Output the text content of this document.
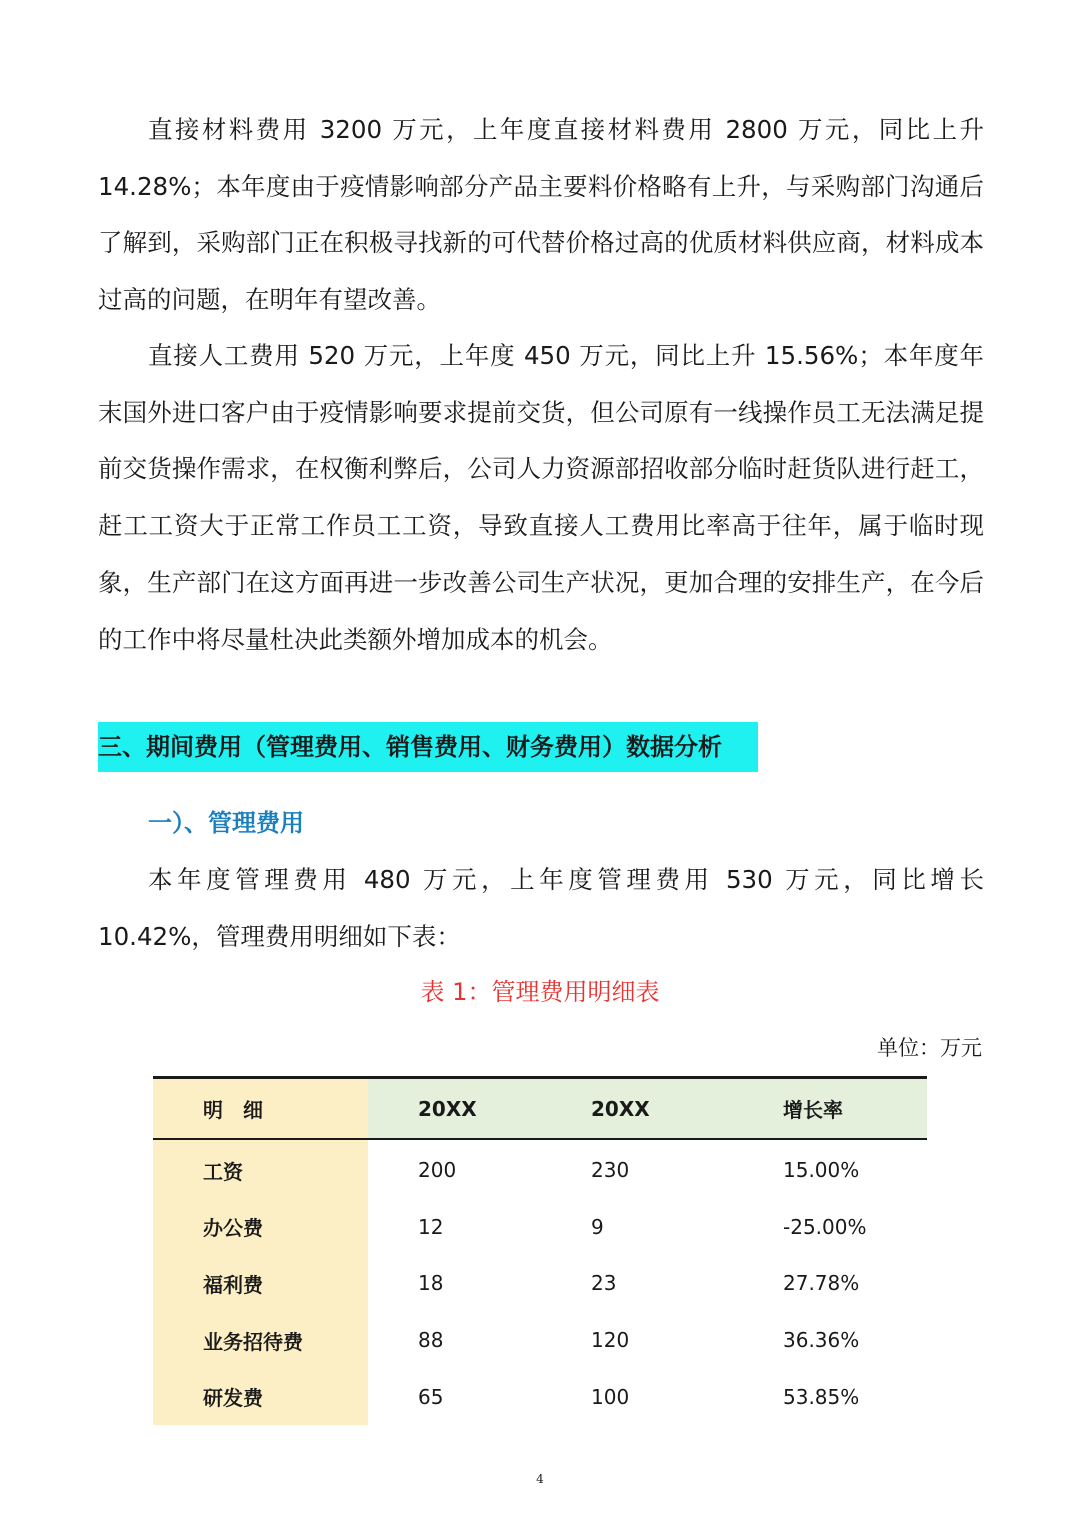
直接材料费用 3200 万元，上年度直接材料费用 2800 万元，同比上升 14.28%；本年度由于疫情影响部分产品主要料价格略有上升，与采购部门沟通后了解到，采购部门正在积极寻找新的可代替价格过高的优质材料供应商，材料成本过高的问题，在明年有望改善。

直接人工费用 520 万元，上年度 450 万元，同比上升 15.56%；本年度年末国外进口客户由于疫情影响要求提前交货，但公司原有一线操作员工无法满足提前交货操作需求，在权衡利弊后，公司人力资源部招收部分临时赶货队进行赶工，赶工工资大于正常工作员工工资，导致直接人工费用比率高于往年，属于临时现象，生产部门在这方面再进一步改善公司生产状况，更加合理的安排生产，在今后的工作中将尽量杜决此类额外增加成本的机会。

三、期间费用（管理费用、销售费用、财务费用）数据分析
一）、管理费用

本年度管理费用 480 万元，上年度管理费用 530 万元，同比增长 10.42%，管理费用明细如下表：

表 1：管理费用明细表
单位：万元
明　细	20XX	20XX	增长率
工资	200	230	15.00%
办公费	12	9	-25.00%
福利费	18	23	27.78%
业务招待费	88	120	36.36%
研发费	65	100	53.85%
4
